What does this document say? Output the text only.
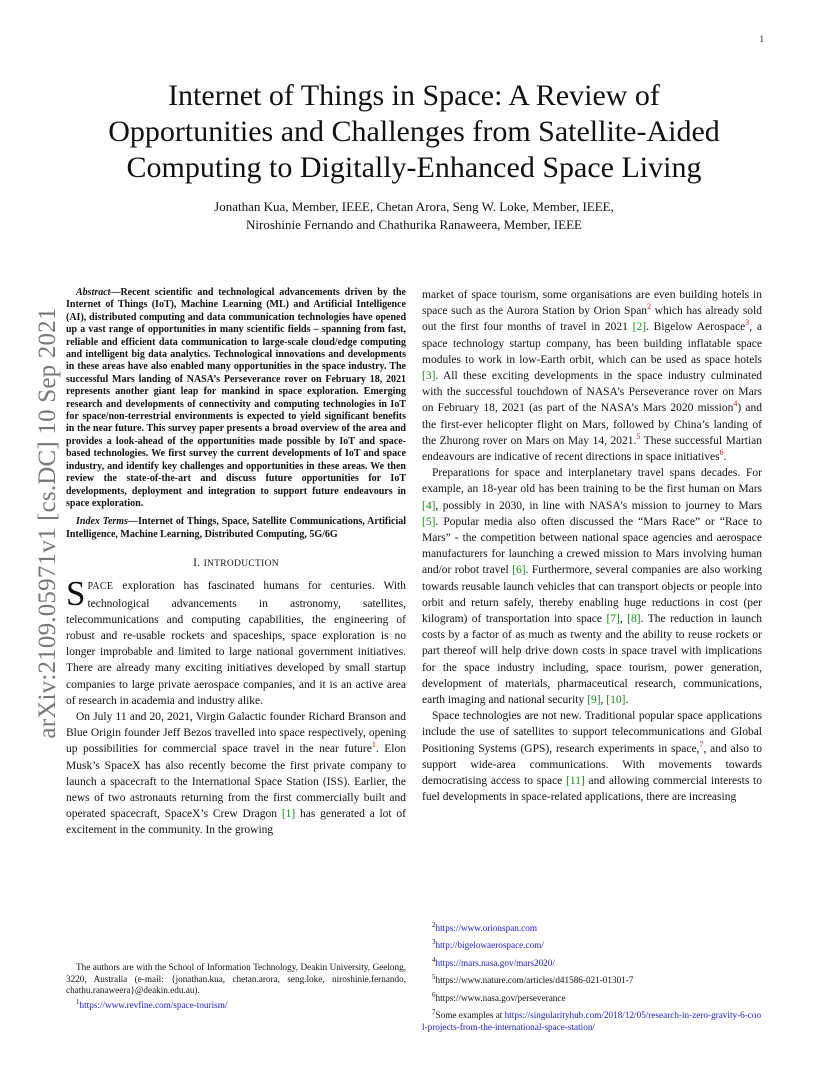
1
arXiv:2109.05971v1 [cs.DC] 10 Sep 2021
Internet of Things in Space: A Review of
Opportunities and Challenges from Satellite-Aided
Computing to Digitally-Enhanced Space Living
Jonathan Kua, Member, IEEE, Chetan Arora, Seng W. Loke, Member, IEEE,
Niroshinie Fernando and Chathurika Ranaweera, Member, IEEE

Abstract—Recent scientific and technological advancements driven by the Internet of Things (IoT), Machine Learning (ML) and Artificial Intelligence (AI), distributed computing and data communication technologies have opened up a vast range of opportunities in many scientific fields – spanning from fast, reliable and efficient data communication to large-scale cloud/edge computing and intelligent big data analytics. Technological innovations and developments in these areas have also enabled many opportunities in the space industry. The successful Mars landing of NASA’s Perseverance rover on February 18, 2021 represents another giant leap for mankind in space exploration. Emerging research and developments of connectivity and computing technologies in IoT for space/non-terrestrial environments is expected to yield significant benefits in the near future. This survey paper presents a broad overview of the area and provides a look-ahead of the opportunities made possible by IoT and space-based technologies. We first survey the current developments of IoT and space industry, and identify key challenges and opportunities in these areas. We then review the state-of-the-art and discuss future opportunities for IoT developments, deployment and integration to support future endeavours in space exploration.

Index Terms—Internet of Things, Space, Satellite Communications, Artificial Intelligence, Machine Learning, Distributed Computing, 5G/6G

I. INTRODUCTION

SPACE exploration has fascinated humans for centuries. With technological advancements in astronomy, satellites, telecommunications and computing capabilities, the engineering of robust and re-usable rockets and spaceships, space exploration is no longer improbable and limited to large national government initiatives. There are already many exciting initiatives developed by small startup companies to large private aerospace companies, and it is an active area of research in academia and industry alike.

On July 11 and 20, 2021, Virgin Galactic founder Richard Branson and Blue Origin founder Jeff Bezos travelled into space respectively, opening up possibilities for commercial space travel in the near future$^1$. Elon Musk’s SpaceX has also recently become the first private company to launch a spacecraft to the International Space Station (ISS). Earlier, the news of two astronauts returning from the first commercially built and operated spacecraft, SpaceX’s Crew Dragon [1] has generated a lot of excitement in the community. In the growing

market of space tourism, some organisations are even building hotels in space such as the Aurora Station by Orion Span$^2$ which has already sold out the first four months of travel in 2021 [2]. Bigelow Aerospace$^3$, a space technology startup company, has been building inflatable space modules to work in low-Earth orbit, which can be used as space hotels [3]. All these exciting developments in the space industry culminated with the successful touchdown of NASA’s Perseverance rover on Mars on February 18, 2021 (as part of the NASA’s Mars 2020 mission$^4$) and the first-ever helicopter flight on Mars, followed by China’s landing of the Zhurong rover on Mars on May 14, 2021.$^5$ These successful Martian endeavours are indicative of recent directions in space initiatives$^6$.

Preparations for space and interplanetary travel spans decades. For example, an 18-year old has been training to be the first human on Mars [4], possibly in 2030, in line with NASA's mission to journey to Mars [5]. Popular media also often discussed the “Mars Race” or “Race to Mars” - the competition between national space agencies and aerospace manufacturers for launching a crewed mission to Mars involving human and/or robot travel [6]. Furthermore, several companies are also working towards reusable launch vehicles that can transport objects or people into orbit and return safely, thereby enabling huge reductions in cost (per kilogram) of transportation into space [7], [8]. The reduction in launch costs by a factor of as much as twenty and the ability to reuse rockets or part thereof will help drive down costs in space travel with implications for the space industry including, space tourism, power generation, development of materials, pharmaceutical research, communications, earth imaging and national security [9], [10].

Space technologies are not new. Traditional popular space applications include the use of satellites to support telecommunications and Global Positioning Systems (GPS), research experiments in space,$^7$, and also to support wide-area communications. With movements towards democratising access to space [11] and allowing commercial interests to fuel developments in space-related applications, there are increasing

The authors are with the School of Information Technology, Deakin University, Geelong, 3220, Australia (e-mail: {jonathan.kua, chetan.arora, seng.loke, niroshinie.fernando, chathu.ranaweera}@deakin.edu.au).

$^1$https://www.revfine.com/space-tourism/

$^2$https://www.orionspan.com

$^3$http://bigelowaerospace.com/

$^4$https://mars.nasa.gov/mars2020/

$^5$https://www.nature.com/articles/d41586-021-01301-7

$^6$https://www.nasa.gov/perseverance

$^7$Some examples at https://singularityhub.com/2018/12/05/research-in-zero-gravity-6-cool-projects-from-the-international-space-station/
